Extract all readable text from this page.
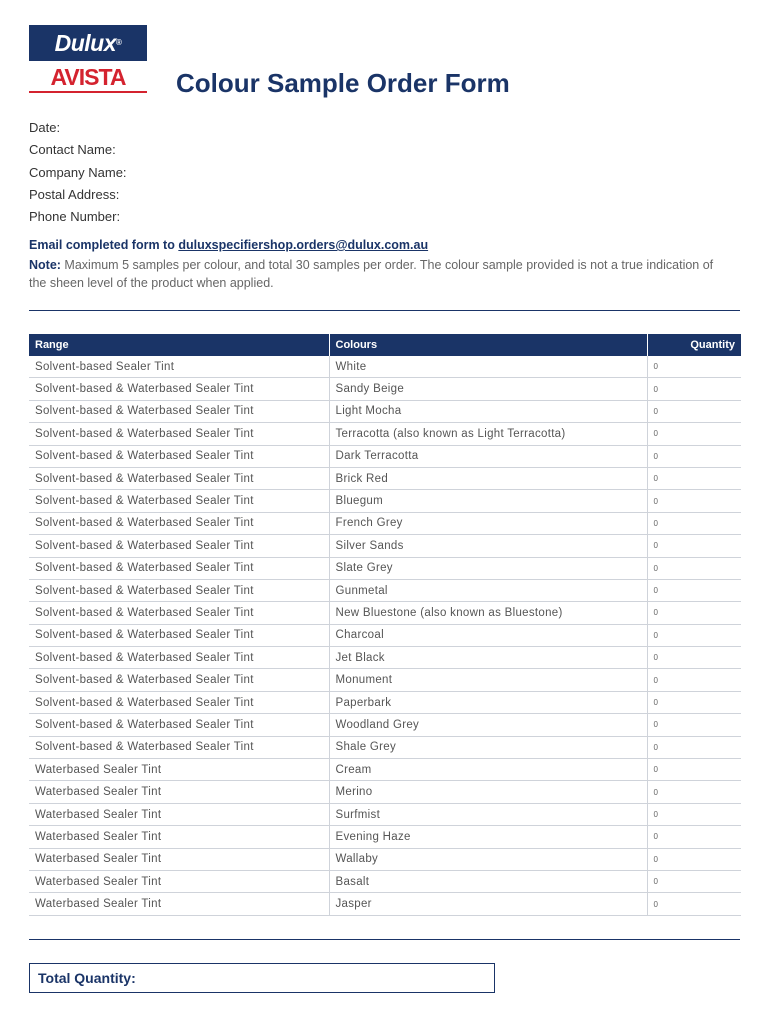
Dulux®
AVISTA	Colour Sample Order Form
Date:
Contact Name:
Company Name:
Postal Address:
Phone Number:
Email completed form to duluxspecifiershop.orders@dulux.com.au
Note: Maximum 5 samples per colour, and total 30 samples per order. The colour sample provided is not a true indication of the sheen level of the product when applied.
Range	Colours	Quantity
Solvent-based Sealer Tint	White	0
Solvent-based & Waterbased Sealer Tint	Sandy Beige	0
Solvent-based & Waterbased Sealer Tint	Light Mocha	0
Solvent-based & Waterbased Sealer Tint	Terracotta (also known as Light Terracotta)	0
Solvent-based & Waterbased Sealer Tint	Dark Terracotta	0
Solvent-based & Waterbased Sealer Tint	Brick Red	0
Solvent-based & Waterbased Sealer Tint	Bluegum	0
Solvent-based & Waterbased Sealer Tint	French Grey	0
Solvent-based & Waterbased Sealer Tint	Silver Sands	0
Solvent-based & Waterbased Sealer Tint	Slate Grey	0
Solvent-based & Waterbased Sealer Tint	Gunmetal	0
Solvent-based & Waterbased Sealer Tint	New Bluestone (also known as Bluestone)	0
Solvent-based & Waterbased Sealer Tint	Charcoal	0
Solvent-based & Waterbased Sealer Tint	Jet Black	0
Solvent-based & Waterbased Sealer Tint	Monument	0
Solvent-based & Waterbased Sealer Tint	Paperbark	0
Solvent-based & Waterbased Sealer Tint	Woodland Grey	0
Solvent-based & Waterbased Sealer Tint	Shale Grey	0
Waterbased Sealer Tint	Cream	0
Waterbased Sealer Tint	Merino	0
Waterbased Sealer Tint	Surfmist	0
Waterbased Sealer Tint	Evening Haze	0
Waterbased Sealer Tint	Wallaby	0
Waterbased Sealer Tint	Basalt	0
Waterbased Sealer Tint	Jasper	0
Total Quantity:
